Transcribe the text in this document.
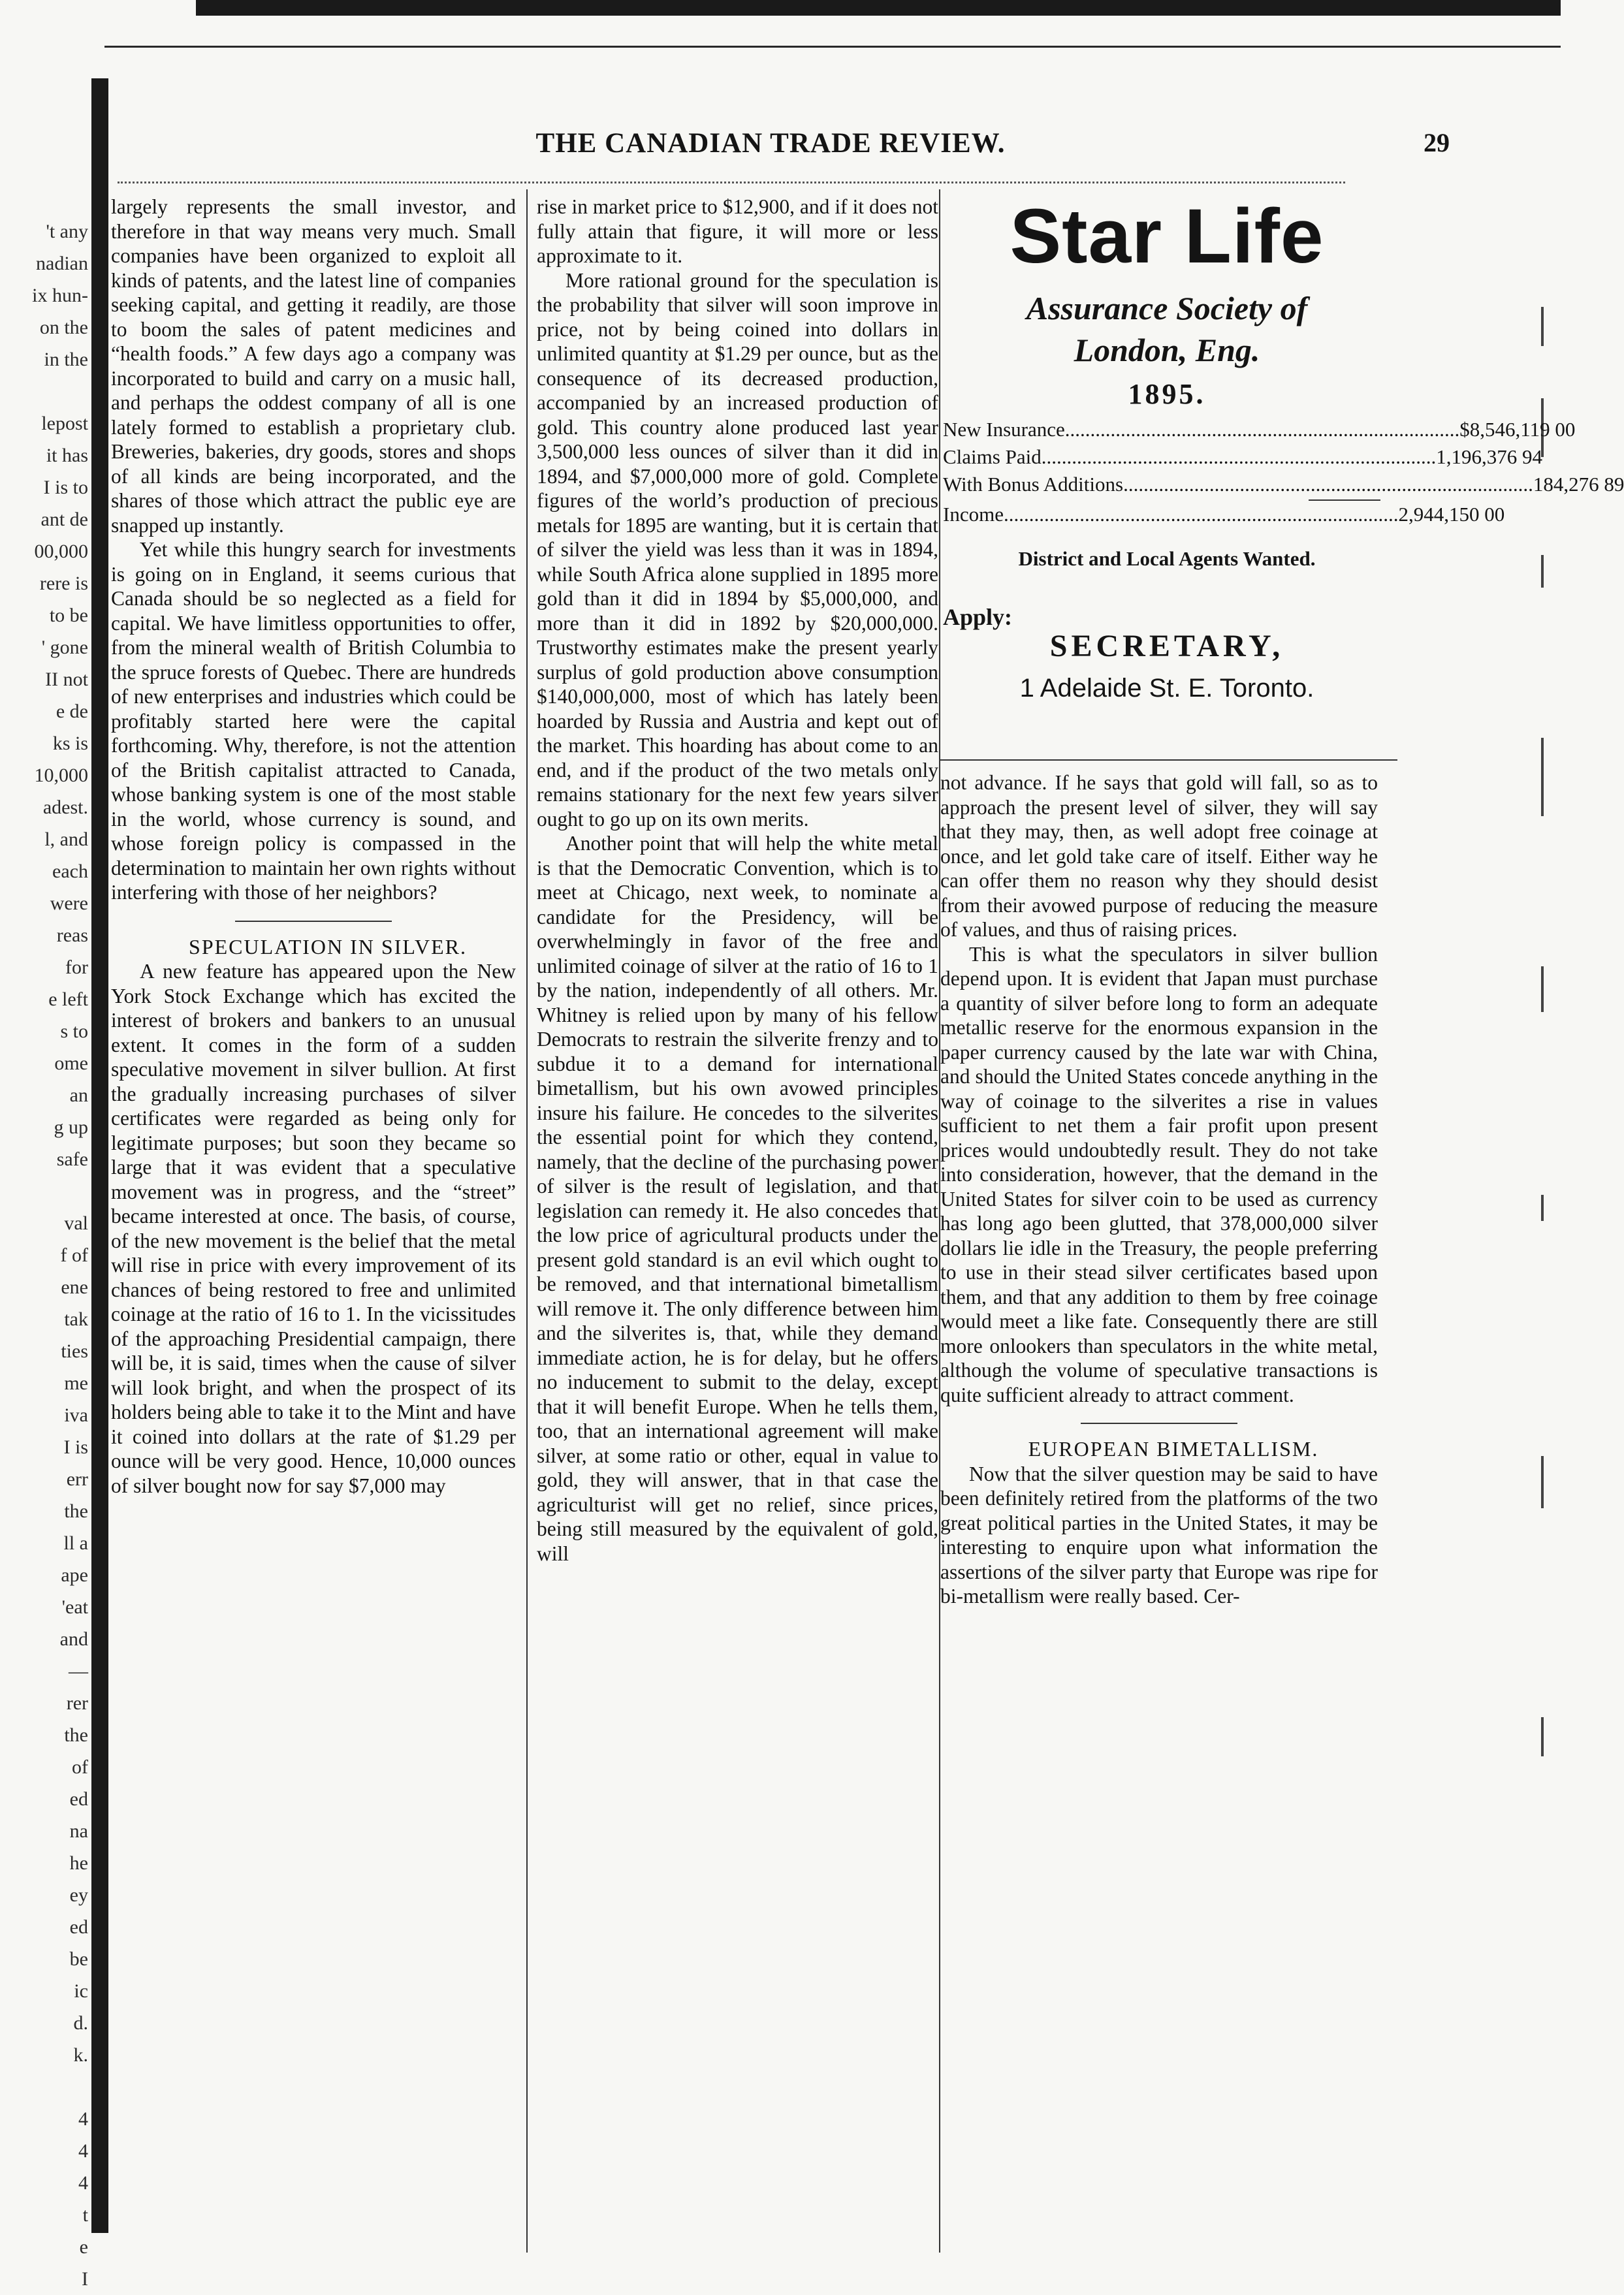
't any
nadian
ix hun-
on the
in the

lepost
it has
I is to
ant de
00,000
rere is
to be
' gone
II not
e de
ks is
10,000
adest.
l, and
each
were
reas
for
e left
s to
ome
an
g up
safe

val
f of
ene
tak
ties
me
iva
I is
err
the
ll a
ape
'eat
and
—
rer
the
of
ed
na
he
ey
ed
be
ic
d.
k.

4
4
4
t
e
I
THE CANADIAN TRADE REVIEW.	29

largely represents the small investor, and therefore in that way means very much. Small companies have been organized to exploit all kinds of patents, and the latest line of companies seeking capital, and getting it readily, are those to boom the sales of patent medicines and “health foods.” A few days ago a company was incorporated to build and carry on a music hall, and perhaps the oddest company of all is one lately formed to establish a proprietary club. Breweries, bakeries, dry goods, stores and shops of all kinds are being incorporated, and the shares of those which attract the public eye are snapped up instantly.

Yet while this hungry search for investments is going on in England, it seems curious that Canada should be so neglected as a field for capital. We have limitless opportunities to offer, from the mineral wealth of British Columbia to the spruce forests of Quebec. There are hundreds of new enterprises and industries which could be profitably started here were the capital forthcoming. Why, therefore, is not the attention of the British capitalist attracted to Canada, whose banking system is one of the most stable in the world, whose currency is sound, and whose foreign policy is compassed in the determination to maintain her own rights without interfering with those of her neighbors?

SPECULATION IN SILVER.

A new feature has appeared upon the New York Stock Exchange which has excited the interest of brokers and bankers to an unusual extent. It comes in the form of a sudden speculative movement in silver bullion. At first the gradually increasing purchases of silver certificates were regarded as being only for legitimate purposes; but soon they became so large that it was evident that a speculative movement was in progress, and the “street” became interested at once. The basis, of course, of the new movement is the belief that the metal will rise in price with every improvement of its chances of being restored to free and unlimited coinage at the ratio of 16 to 1. In the vicissitudes of the approaching Presidential campaign, there will be, it is said, times when the cause of silver will look bright, and when the prospect of its holders being able to take it to the Mint and have it coined into dollars at the rate of $1.29 per ounce will be very good. Hence, 10,000 ounces of silver bought now for say $7,000 may

rise in market price to $12,900, and if it does not fully attain that figure, it will more or less approximate to it.

More rational ground for the speculation is the probability that silver will soon improve in price, not by being coined into dollars in unlimited quantity at $1.29 per ounce, but as the consequence of its decreased production, accompanied by an increased production of gold. This country alone produced last year 3,500,000 less ounces of silver than it did in 1894, and $7,000,000 more of gold. Complete figures of the world’s production of precious metals for 1895 are wanting, but it is certain that of silver the yield was less than it was in 1894, while South Africa alone supplied in 1895 more gold than it did in 1894 by $5,000,000, and more than it did in 1892 by $20,000,000. Trustworthy estimates make the present yearly surplus of gold production above consumption $140,000,000, most of which has lately been hoarded by Russia and Austria and kept out of the market. This hoarding has about come to an end, and if the product of the two metals only remains stationary for the next few years silver ought to go up on its own merits.

Another point that will help the white metal is that the Democratic Convention, which is to meet at Chicago, next week, to nominate a candidate for the Presidency, will be overwhelmingly in favor of the free and unlimited coinage of silver at the ratio of 16 to 1 by the nation, independently of all others. Mr. Whitney is relied upon by many of his fellow Democrats to restrain the silverite frenzy and to subdue it to a demand for international bimetallism, but his own avowed principles insure his failure. He concedes to the silverites the essential point for which they contend, namely, that the decline of the purchasing power of silver is the result of legislation, and that legislation can remedy it. He also concedes that the low price of agricultural products under the present gold standard is an evil which ought to be removed, and that international bimetallism will remove it. The only difference between him and the silverites is, that, while they demand immediate action, he is for delay, but he offers no inducement to submit to the delay, except that it will benefit Europe. When he tells them, too, that an international agreement will make silver, at some ratio or other, equal in value to gold, they will answer, that in that case the agriculturist will get no relief, since prices, being still measured by the equivalent of gold, will

Star Life
Assurance Society of
London, Eng.
1895.
New Insurance .....	$8,546,119 00
Claims Paid .....	1,196,376 94
With Bonus Additions... .....	184,276 89
Income .....	2,944,150 00
District and Local Agents Wanted.
Apply:
SECRETARY,
1 Adelaide St. E. Toronto.

not advance. If he says that gold will fall, so as to approach the present level of silver, they will say that they may, then, as well adopt free coinage at once, and let gold take care of itself. Either way he can offer them no reason why they should desist from their avowed purpose of reducing the measure of values, and thus of raising prices.

This is what the speculators in silver bullion depend upon. It is evident that Japan must purchase a quantity of silver before long to form an adequate metallic reserve for the enormous expansion in the paper currency caused by the late war with China, and should the United States concede anything in the way of coinage to the silverites a rise in values sufficient to net them a fair profit upon present prices would undoubtedly result. They do not take into consideration, however, that the demand in the United States for silver coin to be used as currency has long ago been glutted, that 378,000,000 silver dollars lie idle in the Treasury, the people preferring to use in their stead silver certificates based upon them, and that any addition to them by free coinage would meet a like fate. Consequently there are still more onlookers than speculators in the white metal, although the volume of speculative transactions is quite sufficient already to attract comment.

EUROPEAN BIMETALLISM.

Now that the silver question may be said to have been definitely retired from the platforms of the two great political parties in the United States, it may be interesting to enquire upon what information the assertions of the silver party that Europe was ripe for bi-metallism were really based. Cer-
